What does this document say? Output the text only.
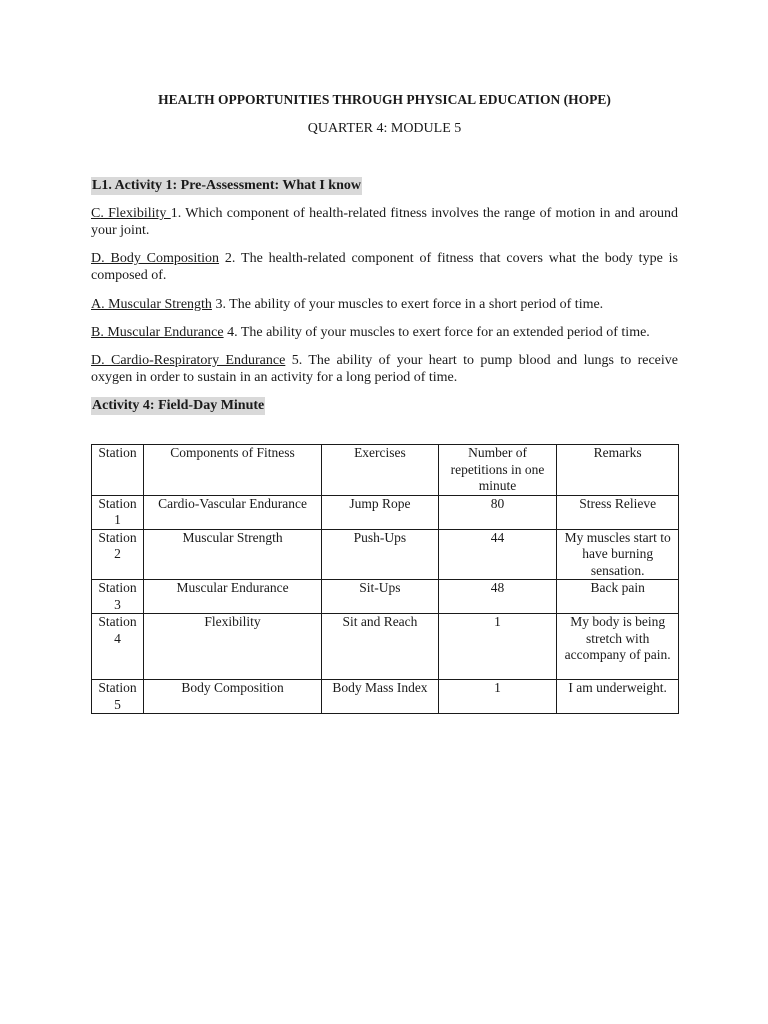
HEALTH OPPORTUNITIES THROUGH PHYSICAL EDUCATION (HOPE)
QUARTER 4: MODULE 5
L1. Activity 1: Pre-Assessment: What I know
C. Flexibility 1. Which component of health-related fitness involves the range of motion in and around your joint.
D. Body Composition 2. The health-related component of fitness that covers what the body type is composed of.
A. Muscular Strength 3. The ability of your muscles to exert force in a short period of time.
B. Muscular Endurance 4. The ability of your muscles to exert force for an extended period of time.
D. Cardio-Respiratory Endurance 5. The ability of your heart to pump blood and lungs to receive oxygen in order to sustain in an activity for a long period of time.
Activity 4: Field-Day Minute
Station	Components of Fitness	Exercises	Number of repetitions in one minute	Remarks
Station 1	Cardio-Vascular Endurance	Jump Rope	80	Stress Relieve
Station 2	Muscular Strength	Push-Ups	44	My muscles start to have burning sensation.
Station 3	Muscular Endurance	Sit-Ups	48	Back pain
Station 4	Flexibility	Sit and Reach	1	My body is being stretch with accompany of pain.
Station 5	Body Composition	Body Mass Index	1	I am underweight.
